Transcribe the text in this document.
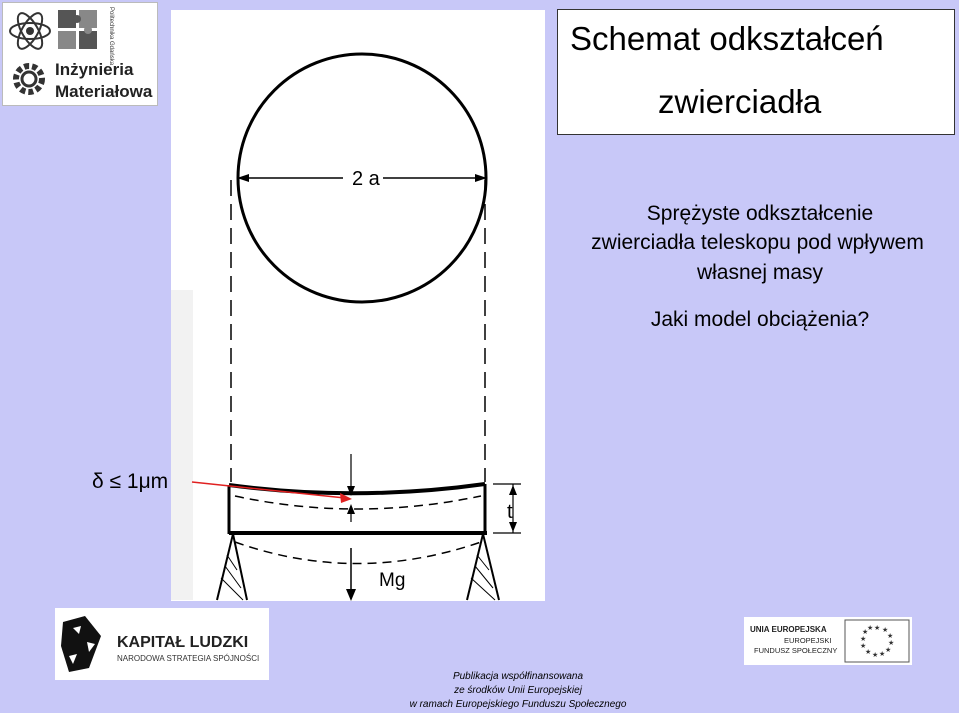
Politechnika Gdańska
Inżynieria
Materiałowa
2 a
t
Mg
δ ≤ 1μm
Schemat odkształceń
zwierciadła
Sprężyste odkształcenie
zwierciadła teleskopu pod wpływem
własnej masy
Jaki model obciążenia?
KAPITAŁ LUDZKI
NARODOWA STRATEGIA SPÓJNOŚCI
UNIA EUROPEJSKA
EUROPEJSKI
FUNDUSZ SPOŁECZNY
★ ★
★
★
★
★
★
★
★
★
★
★
Publikacja współfinansowana
ze środków Unii Europejskiej
w ramach Europejskiego Funduszu Społecznego
